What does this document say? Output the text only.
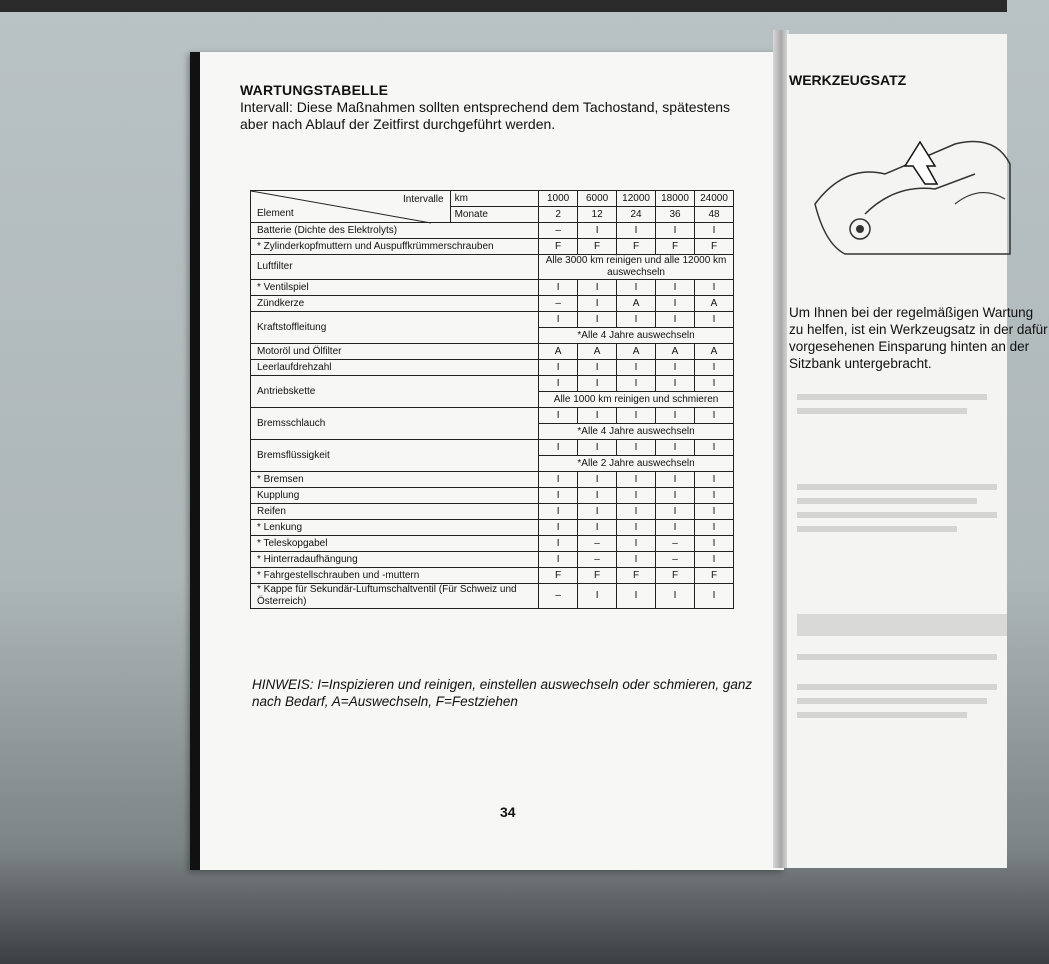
WARTUNGSTABELLE
Intervall: Diese Maßnahmen sollten entsprechend dem Tachostand, spätestens aber nach Ablauf der Zeitfirst durchgeführt werden.
Intervalle
Element	km	1000	6000	12000	18000	24000
	Monate	2	12	24	36	48
Batterie (Dichte des Elektrolyts)		–	I	I	I	I
* Zylinderkopfmuttern und Auspuffkrümmerschrauben		F	F	F	F	F
Luftfilter		Alle 3000 km reinigen und alle 12000 km auswechseln				
* Ventilspiel		I	I	I	I	I
Zündkerze		–	I	A	I	A
Kraftstoffleitung		I	I	I	I	I
		*Alle 4 Jahre auswechseln				
Motoröl und Ölfilter		A	A	A	A	A
Leerlaufdrehzahl		I	I	I	I	I
Antriebskette		I	I	I	I	I
		Alle 1000 km reinigen und schmieren				
Bremsschlauch		I	I	I	I	I
		*Alle 4 Jahre auswechseln				
Bremsflüssigkeit		I	I	I	I	I
		*Alle 2 Jahre auswechseln				
* Bremsen		I	I	I	I	I
Kupplung		I	I	I	I	I
Reifen		I	I	I	I	I
* Lenkung		I	I	I	I	I
* Teleskopgabel		I	–	I	–	I
* Hinterradaufhängung		I	–	I	–	I
* Fahrgestellschrauben und -muttern		F	F	F	F	F
* Kappe für Sekundär-Luftumschaltventil (Für Schweiz und Österreich)		–	I	I	I	I
HINWEIS: I=Inspizieren und reinigen, einstellen auswechseln oder schmieren, ganz nach Bedarf, A=Auswechseln, F=Festziehen
34
WERKZEUGSATZ
Um Ihnen bei der regelmäßigen Wartung zu helfen, ist ein Werkzeugsatz in der dafür vorgesehenen Einsparung hinten an der Sitzbank untergebracht.
